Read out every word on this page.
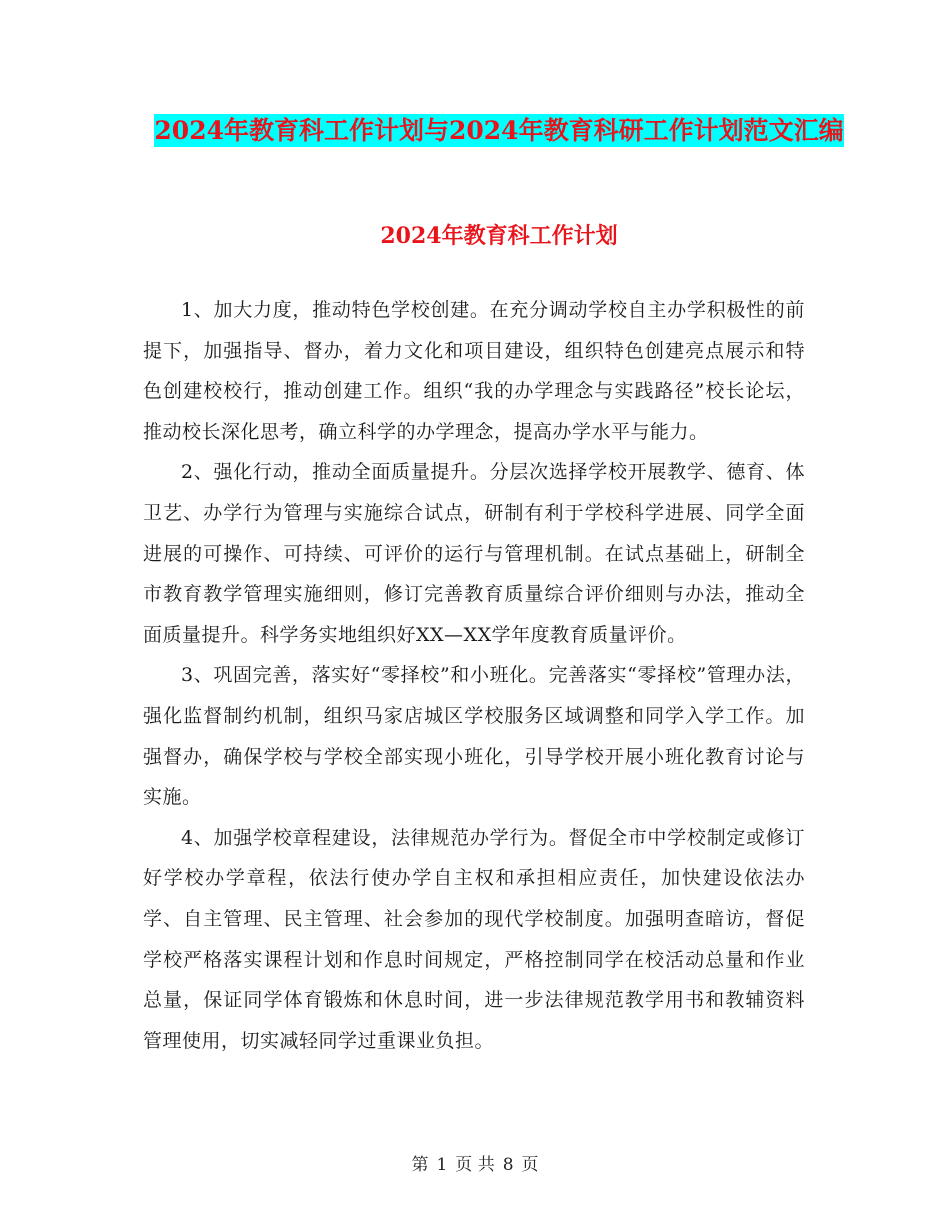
2024年教育科工作计划与2024年教育科研工作计划范文汇编
2024年教育科工作计划

1、加大力度，推动特色学校创建。在充分调动学校自主办学积极性的前提下，加强指导、督办，着力文化和项目建设，组织特色创建亮点展示和特色创建校校行，推动创建工作。组织“我的办学理念与实践路径”校长论坛，推动校长深化思考，确立科学的办学理念，提高办学水平与能力。

2、强化行动，推动全面质量提升。分层次选择学校开展教学、德育、体卫艺、办学行为管理与实施综合试点，研制有利于学校科学进展、同学全面进展的可操作、可持续、可评价的运行与管理机制。在试点基础上，研制全市教育教学管理实施细则，修订完善教育质量综合评价细则与办法，推动全面质量提升。科学务实地组织好XX—XX学年度教育质量评价。

3、巩固完善，落实好“零择校”和小班化。完善落实“零择校”管理办法，强化监督制约机制，组织马家店城区学校服务区域调整和同学入学工作。加强督办，确保学校与学校全部实现小班化，引导学校开展小班化教育讨论与实施。

4、加强学校章程建设，法律规范办学行为。督促全市中学校制定或修订好学校办学章程，依法行使办学自主权和承担相应责任，加快建设依法办学、自主管理、民主管理、社会参加的现代学校制度。加强明查暗访，督促学校严格落实课程计划和作息时间规定，严格控制同学在校活动总量和作业总量，保证同学体育锻炼和休息时间，进一步法律规范教学用书和教辅资料管理使用，切实减轻同学过重课业负担。

第 1 页 共 8 页
